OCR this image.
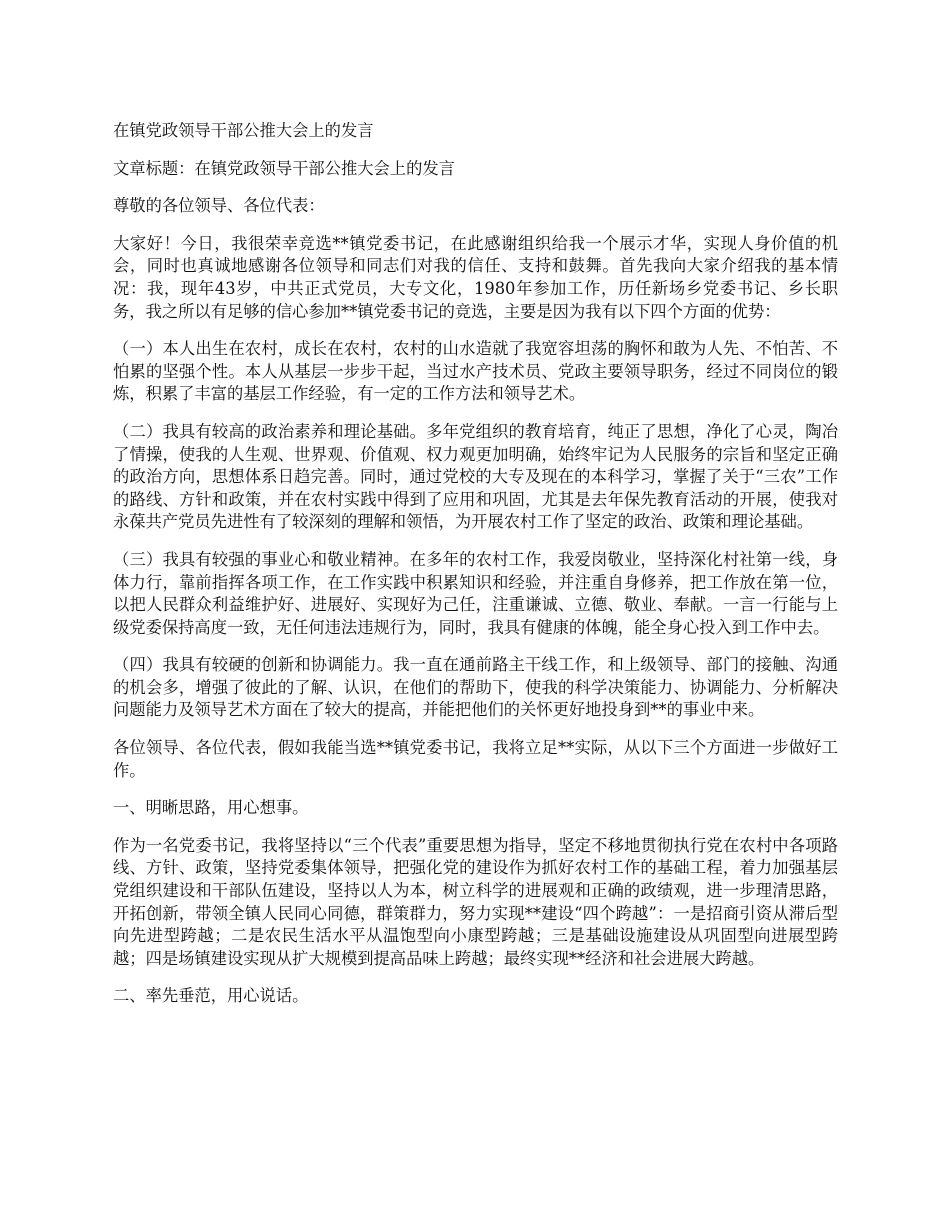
在镇党政领导干部公推大会上的发言

文章标题：在镇党政领导干部公推大会上的发言

尊敬的各位领导、各位代表：

大家好！今日，我很荣幸竞选**镇党委书记，在此感谢组织给我一个展示才华，实现人身价值的机会，同时也真诚地感谢各位领导和同志们对我的信任、支持和鼓舞。首先我向大家介绍我的基本情况：我，现年43岁，中共正式党员，大专文化，1980年参加工作，历任新场乡党委书记、乡长职务，我之所以有足够的信心参加**镇党委书记的竞选，主要是因为我有以下四个方面的优势：

（一）本人出生在农村，成长在农村，农村的山水造就了我宽容坦荡的胸怀和敢为人先、不怕苦、不怕累的坚强个性。本人从基层一步步干起，当过水产技术员、党政主要领导职务，经过不同岗位的锻炼，积累了丰富的基层工作经验，有一定的工作方法和领导艺术。

（二）我具有较高的政治素养和理论基础。多年党组织的教育培育，纯正了思想，净化了心灵，陶冶了情操，使我的人生观、世界观、价值观、权力观更加明确，始终牢记为人民服务的宗旨和坚定正确的政治方向，思想体系日趋完善。同时，通过党校的大专及现在的本科学习，掌握了关于“三农”工作的路线、方针和政策，并在农村实践中得到了应用和巩固，尤其是去年保先教育活动的开展，使我对永葆共产党员先进性有了较深刻的理解和领悟，为开展农村工作了坚定的政治、政策和理论基础。

（三）我具有较强的事业心和敬业精神。在多年的农村工作，我爱岗敬业，坚持深化村社第一线，身体力行，靠前指挥各项工作，在工作实践中积累知识和经验，并注重自身修养，把工作放在第一位，以把人民群众利益维护好、进展好、实现好为己任，注重谦诚、立德、敬业、奉献。一言一行能与上级党委保持高度一致，无任何违法违规行为，同时，我具有健康的体魄，能全身心投入到工作中去。

（四）我具有较硬的创新和协调能力。我一直在通前路主干线工作，和上级领导、部门的接触、沟通的机会多，增强了彼此的了解、认识，在他们的帮助下，使我的科学决策能力、协调能力、分析解决问题能力及领导艺术方面在了较大的提高，并能把他们的关怀更好地投身到**的事业中来。

各位领导、各位代表，假如我能当选**镇党委书记，我将立足**实际，从以下三个方面进一步做好工作。

一、明晰思路，用心想事。

作为一名党委书记，我将坚持以“三个代表”重要思想为指导，坚定不移地贯彻执行党在农村中各项路线、方针、政策，坚持党委集体领导，把强化党的建设作为抓好农村工作的基础工程，着力加强基层党组织建设和干部队伍建设，坚持以人为本，树立科学的进展观和正确的政绩观，进一步理清思路，开拓创新，带领全镇人民同心同德，群策群力，努力实现**建设“四个跨越”：一是招商引资从滞后型向先进型跨越；二是农民生活水平从温饱型向小康型跨越；三是基础设施建设从巩固型向进展型跨越；四是场镇建设实现从扩大规模到提高品味上跨越；最终实现**经济和社会进展大跨越。

二、率先垂范，用心说话。
